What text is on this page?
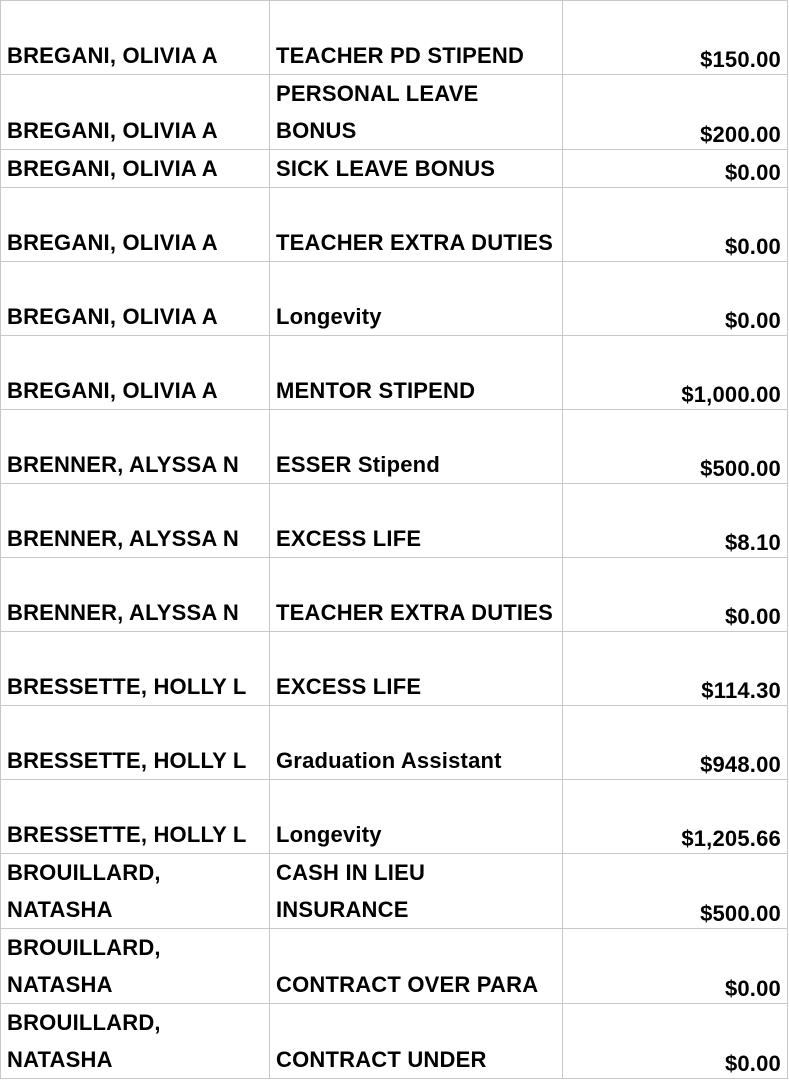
BREGANI, OLIVIA A	TEACHER PD STIPEND	$150.00

BREGANI, OLIVIA A	PERSONAL LEAVE BONUS	$200.00

BREGANI, OLIVIA A	SICK LEAVE BONUS	$0.00

BREGANI, OLIVIA A	TEACHER EXTRA DUTIES	$0.00

BREGANI, OLIVIA A	Longevity	$0.00

BREGANI, OLIVIA A	MENTOR STIPEND	$1,000.00

BRENNER, ALYSSA N	ESSER Stipend	$500.00

BRENNER, ALYSSA N	EXCESS LIFE	$8.10

BRENNER, ALYSSA N	TEACHER EXTRA DUTIES	$0.00

BRESSETTE, HOLLY L	EXCESS LIFE	$114.30

BRESSETTE, HOLLY L	Graduation Assistant	$948.00

BRESSETTE, HOLLY L	Longevity	$1,205.66

BROUILLARD, NATASHA	CASH IN LIEU INSURANCE	$500.00

BROUILLARD, NATASHA	CONTRACT OVER PARA	$0.00

BROUILLARD, NATASHA	CONTRACT UNDER	$0.00
